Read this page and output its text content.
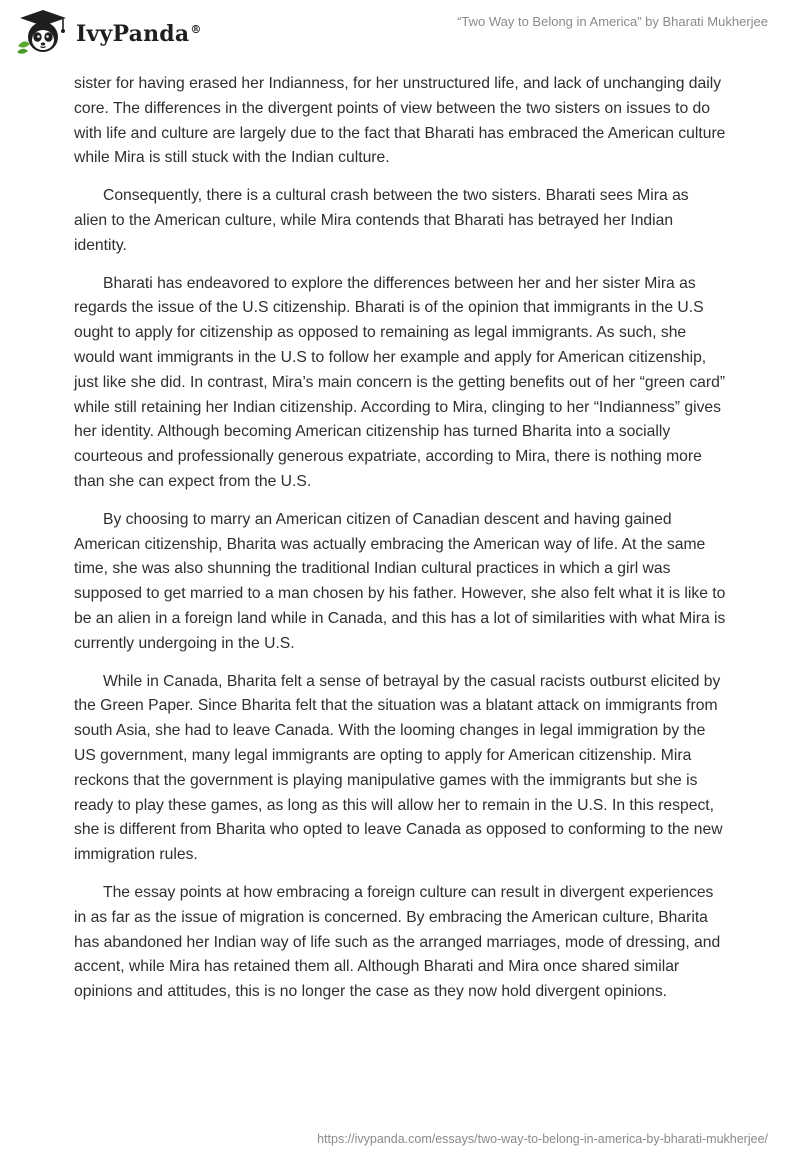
IvyPanda®
“Two Way to Belong in America” by Bharati Mukherjee

sister for having erased her Indianness, for her unstructured life, and lack of unchanging daily core. The differences in the divergent points of view between the two sisters on issues to do with life and culture are largely due to the fact that Bharati has embraced the American culture while Mira is still stuck with the Indian culture.

Consequently, there is a cultural crash between the two sisters. Bharati sees Mira as alien to the American culture, while Mira contends that Bharati has betrayed her Indian identity.

Bharati has endeavored to explore the differences between her and her sister Mira as regards the issue of the U.S citizenship. Bharati is of the opinion that immigrants in the U.S ought to apply for citizenship as opposed to remaining as legal immigrants. As such, she would want immigrants in the U.S to follow her example and apply for American citizenship, just like she did. In contrast, Mira’s main concern is the getting benefits out of her “green card” while still retaining her Indian citizenship. According to Mira, clinging to her “Indianness” gives her identity. Although becoming American citizenship has turned Bharita into a socially courteous and professionally generous expatriate, according to Mira, there is nothing more than she can expect from the U.S.

By choosing to marry an American citizen of Canadian descent and having gained American citizenship, Bharita was actually embracing the American way of life. At the same time, she was also shunning the traditional Indian cultural practices in which a girl was supposed to get married to a man chosen by his father. However, she also felt what it is like to be an alien in a foreign land while in Canada, and this has a lot of similarities with what Mira is currently undergoing in the U.S.

While in Canada, Bharita felt a sense of betrayal by the casual racists outburst elicited by the Green Paper. Since Bharita felt that the situation was a blatant attack on immigrants from south Asia, she had to leave Canada. With the looming changes in legal immigration by the US government, many legal immigrants are opting to apply for American citizenship. Mira reckons that the government is playing manipulative games with the immigrants but she is ready to play these games, as long as this will allow her to remain in the U.S. In this respect, she is different from Bharita who opted to leave Canada as opposed to conforming to the new immigration rules.

The essay points at how embracing a foreign culture can result in divergent experiences in as far as the issue of migration is concerned. By embracing the American culture, Bharita has abandoned her Indian way of life such as the arranged marriages, mode of dressing, and accent, while Mira has retained them all. Although Bharati and Mira once shared similar opinions and attitudes, this is no longer the case as they now hold divergent opinions.

https://ivypanda.com/essays/two-way-to-belong-in-america-by-bharati-mukherjee/
